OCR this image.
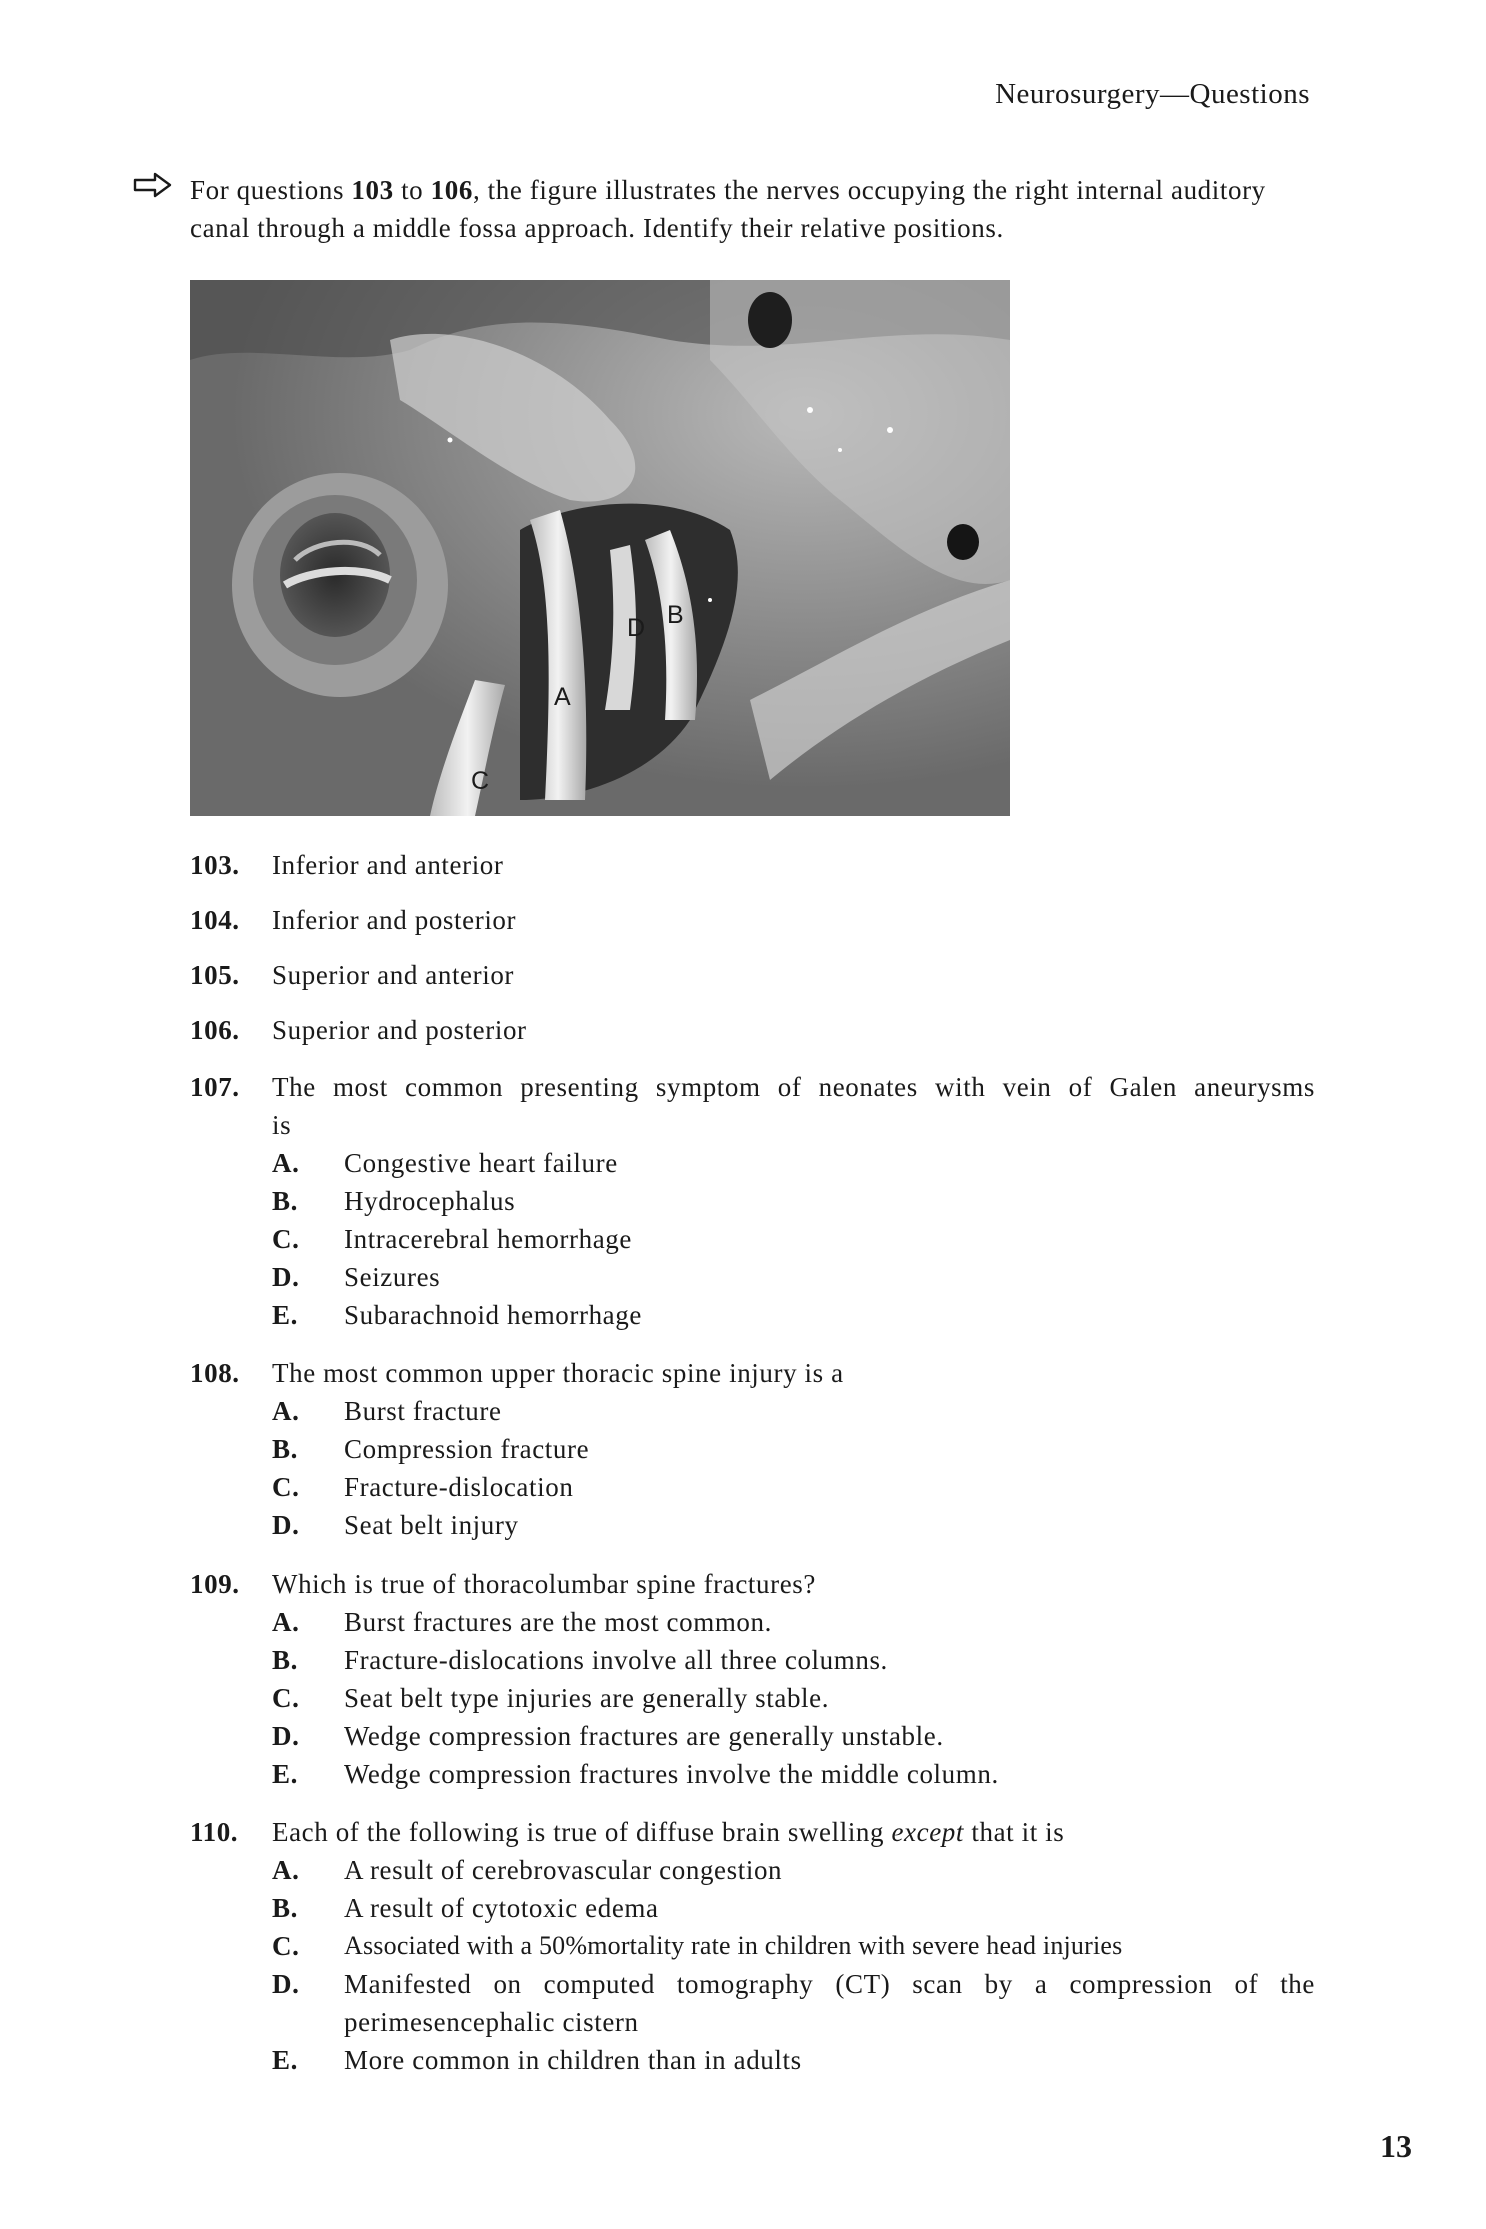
Neurosurgery—Questions
For questions 103 to 106, the figure illustrates the nerves occupying the right internal auditory canal through a middle fossa approach. Identify their relative positions.
D B
A
C
103.	Inferior and anterior
104.	Inferior and posterior
105.	Superior and anterior
106.	Superior and posterior
107.	The most common presenting symptom of neonates with vein of Galen aneurysms is
A. Congestive heart failure
B. Hydrocephalus
C. Intracerebral hemorrhage
D. Seizures
E. Subarachnoid hemorrhage
108.	The most common upper thoracic spine injury is a
A. Burst fracture
B. Compression fracture
C. Fracture-dislocation
D. Seat belt injury
109.	Which is true of thoracolumbar spine fractures?
A. Burst fractures are the most common.
B. Fracture-dislocations involve all three columns.
C. Seat belt type injuries are generally stable.
D. Wedge compression fractures are generally unstable.
E. Wedge compression fractures involve the middle column.
110.	Each of the following is true of diffuse brain swelling except that it is
A. A result of cerebrovascular congestion
B. A result of cytotoxic edema
C. Associated with a 50%mortality rate in children with severe head injuries
D. Manifested on computed tomography (CT) scan by a compression of the perimesencephalic cistern
E. More common in children than in adults
13
